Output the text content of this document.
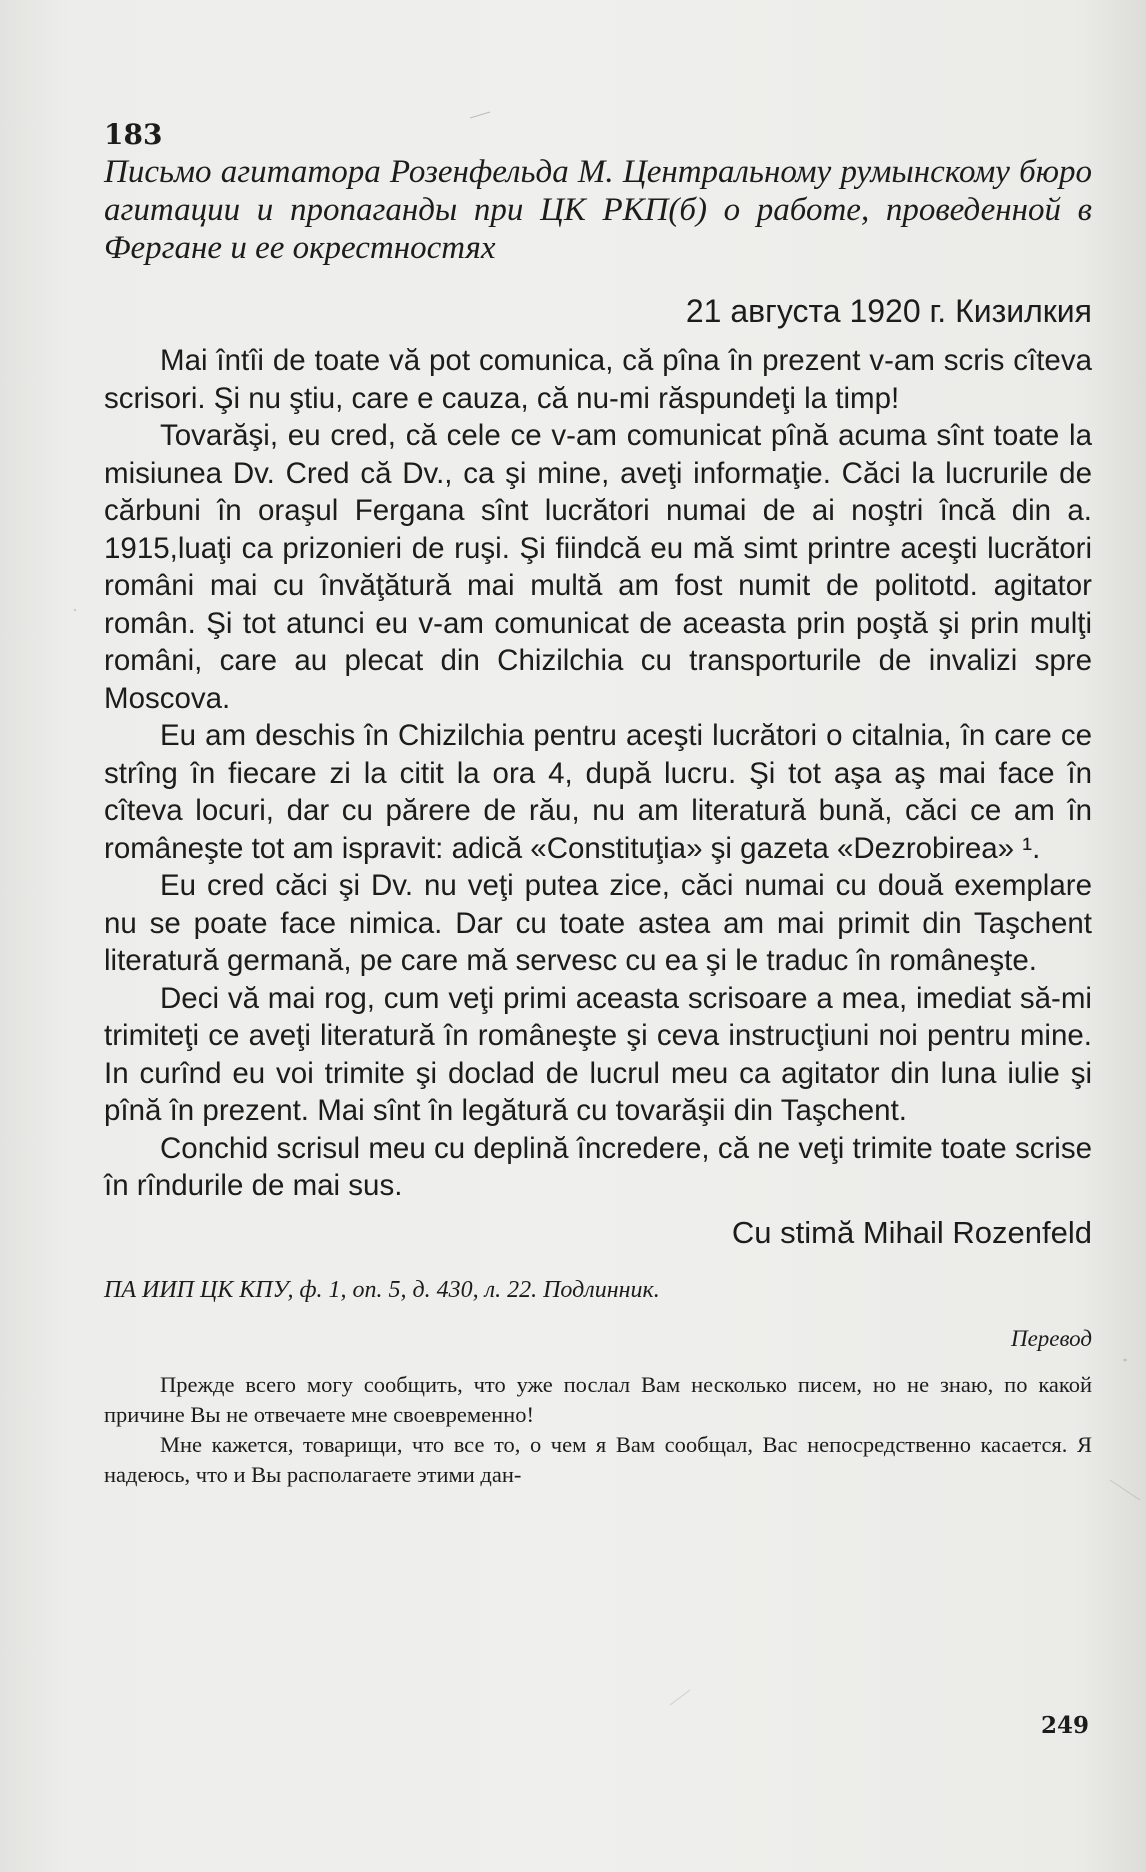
183

Письмо агитатора Розенфельда М. Центральному румынскому бюро агитации и пропаганды при ЦК РКП(б) о работе, проведенной в Фергане и ее окрестностях

21 августа 1920 г. Кизилкия

Mai întîi de toate vă pot comunica, că pîna în prezent v-am scris cîteva scrisori. Şi nu ştiu, care e cauza, că nu-mi răspundeţi la timp!

Tovarăşi, eu cred, că cele ce v-am comunicat pînă acuma sînt toate la misiunea Dv. Cred că Dv., ca şi mine, aveţi informaţie. Căci la lucrurile de cărbuni în oraşul Fergana sînt lucrători numai de ai noştri încă din a. 1915,luaţi ca prizonieri de ruşi. Şi fiindcă eu mă simt printre aceşti lucrători români mai cu învăţătură mai multă am fost numit de politotd. agitator român. Şi tot atunci eu v-am comunicat de aceasta prin poştă şi prin mulţi români, care au plecat din Chizilchia cu transporturile de invalizi spre Moscova.

Eu am deschis în Chizilchia pentru aceşti lucrători o citalnia, în care ce strîng în fiecare zi la citit la ora 4, după lucru. Şi tot aşa aş mai face în cîteva locuri, dar cu părere de rău, nu am literatură bună, căci ce am în româneşte tot am ispravit: adică «Constituţia» şi gazeta «Dezrobirea» ¹.

Eu cred căci şi Dv. nu veţi putea zice, căci numai cu două exemplare nu se poate face nimica. Dar cu toate astea am mai primit din Taşchent literatură germană, pe care mă servesc cu ea şi le traduc în româneşte.

Deci vă mai rog, cum veţi primi aceasta scrisoare a mea, imediat să-mi trimiteţi ce aveţi literatură în româneşte şi ceva instrucţiuni noi pentru mine. In curînd eu voi trimite şi doclad de lucrul meu ca agitator din luna iulie şi pînă în prezent. Mai sînt în legătură cu tovarăşii din Taşchent.

Conchid scrisul meu cu deplină încredere, că ne veţi trimite toate scrise în rîndurile de mai sus.

Cu stimă Mihail Rozenfeld
ПА ИИП ЦК КПУ, ф. 1, оп. 5, д. 430, л. 22. Подлинник.
Перевод

Прежде всего могу сообщить, что уже послал Вам несколько писем, но не знаю, по какой причине Вы не отвечаете мне своевременно!

Мне кажется, товарищи, что все то, о чем я Вам сообщал, Вас непосредственно касается. Я надеюсь, что и Вы располагаете этими дан-

249
